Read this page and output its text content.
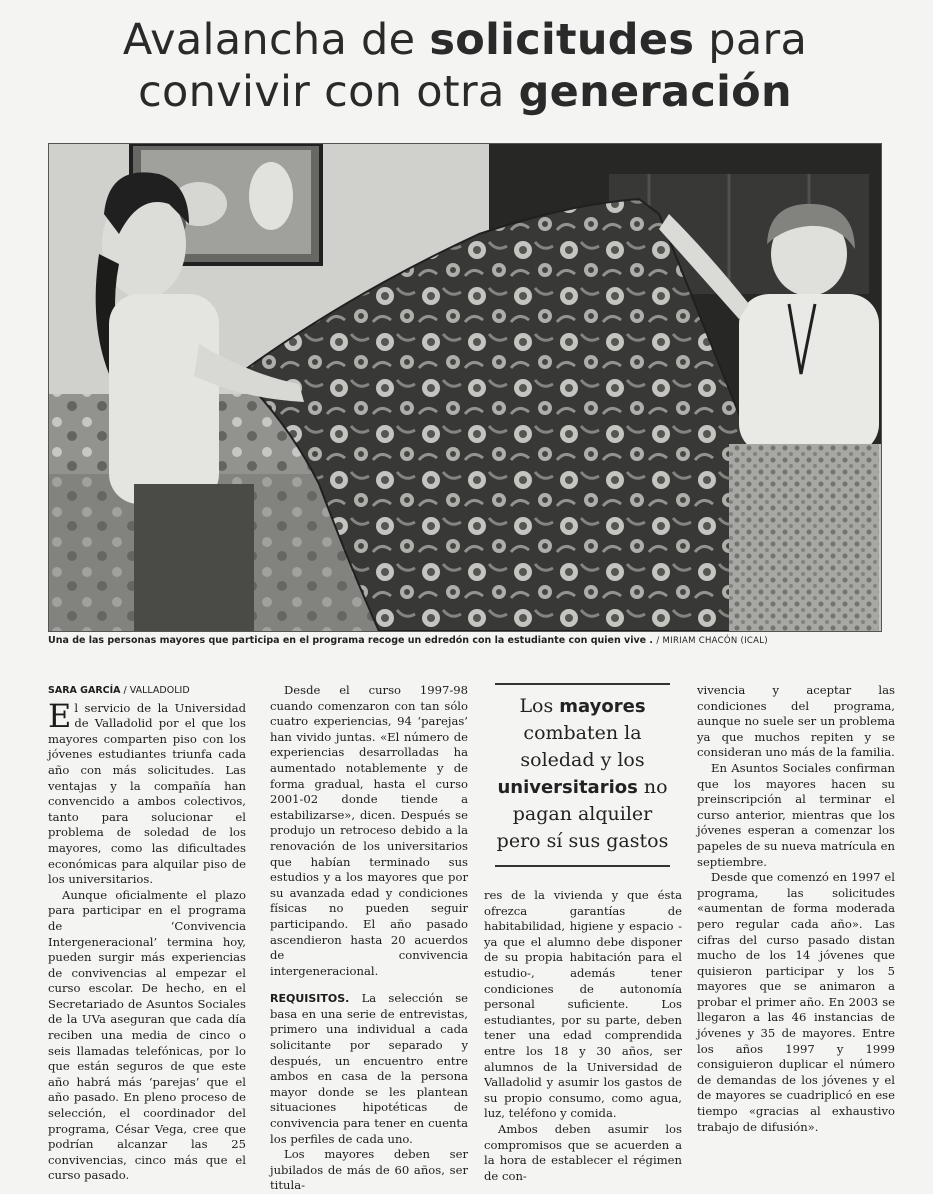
Avalancha de solicitudes para
convivir con otra generación
Una de las personas mayores que participa en el programa recoge un edredón con la estudiante con quien vive . / MIRIAM CHACÓN (ICAL)
SARA GARCÍA / VALLADOLID

El servicio de la Universidad de Valladolid por el que los mayores comparten piso con los jóvenes estudiantes triunfa cada año con más solicitudes. Las ventajas y la compañía han convencido a ambos colectivos, tanto para solucionar el problema de soledad de los mayores, como las dificultades económicas para alquilar piso de los universitarios.

Aunque oficialmente el plazo para participar en el programa de ‘Convivencia Intergeneracional’ termina hoy, pueden surgir más experiencias de convivencias al empezar el curso escolar. De hecho, en el Secretariado de Asuntos Sociales de la UVa aseguran que cada día reciben una media de cinco o seis llamadas telefónicas, por lo que están seguros de que este año habrá más ‘parejas’ que el año pasado. En pleno proceso de selección, el coordinador del programa, César Vega, cree que podrían alcanzar las 25 convivencias, cinco más que el curso pasado.

Desde el curso 1997-98 cuando comenzaron con tan sólo cuatro experiencias, 94 ‘parejas’ han vivido juntas. «El número de experiencias desarrolladas ha aumentado notablemente y de forma gradual, hasta el curso 2001-02 donde tiende a estabilizarse», dicen. Después se produjo un retroceso debido a la renovación de los universitarios que habían terminado sus estudios y a los mayores que por su avanzada edad y condiciones físicas no pueden seguir participando. El año pasado ascendieron hasta 20 acuerdos de convivencia intergeneracional.

REQUISITOS. La selección se basa en una serie de entrevistas, primero una individual a cada solicitante por separado y después, un encuentro entre ambos en casa de la persona mayor donde se les plantean situaciones hipotéticas de convivencia para tener en cuenta los perfiles de cada uno.

Los mayores deben ser jubilados de más de 60 años, ser titula-

Los mayores combaten la soledad y los universitarios no pagan alquiler pero sí sus gastos

res de la vivienda y que ésta ofrezca garantías de habitabilidad, higiene y espacio -ya que el alumno debe disponer de su propia habitación para el estudio-, además tener condiciones de autonomía personal suficiente. Los estudiantes, por su parte, deben tener una edad comprendida entre los 18 y 30 años, ser alumnos de la Universidad de Valladolid y asumir los gastos de su propio consumo, como agua, luz, teléfono y comida.

Ambos deben asumir los compromisos que se acuerden a la hora de establecer el régimen de con-

vivencia y aceptar las condiciones del programa, aunque no suele ser un problema ya que muchos repiten y se consideran uno más de la familia.

En Asuntos Sociales confirman que los mayores hacen su preinscripción al terminar el curso anterior, mientras que los jóvenes esperan a comenzar los papeles de su nueva matrícula en septiembre.

Desde que comenzó en 1997 el programa, las solicitudes «aumentan de forma moderada pero regular cada año». Las cifras del curso pasado distan mucho de los 14 jóvenes que quisieron participar y los 5 mayores que se animaron a probar el primer año. En 2003 se llegaron a las 46 instancias de jóvenes y 35 de mayores. Entre los años 1997 y 1999 consiguieron duplicar el número de demandas de los jóvenes y el de mayores se cuadriplicó en ese tiempo «gracias al exhaustivo trabajo de difusión».
